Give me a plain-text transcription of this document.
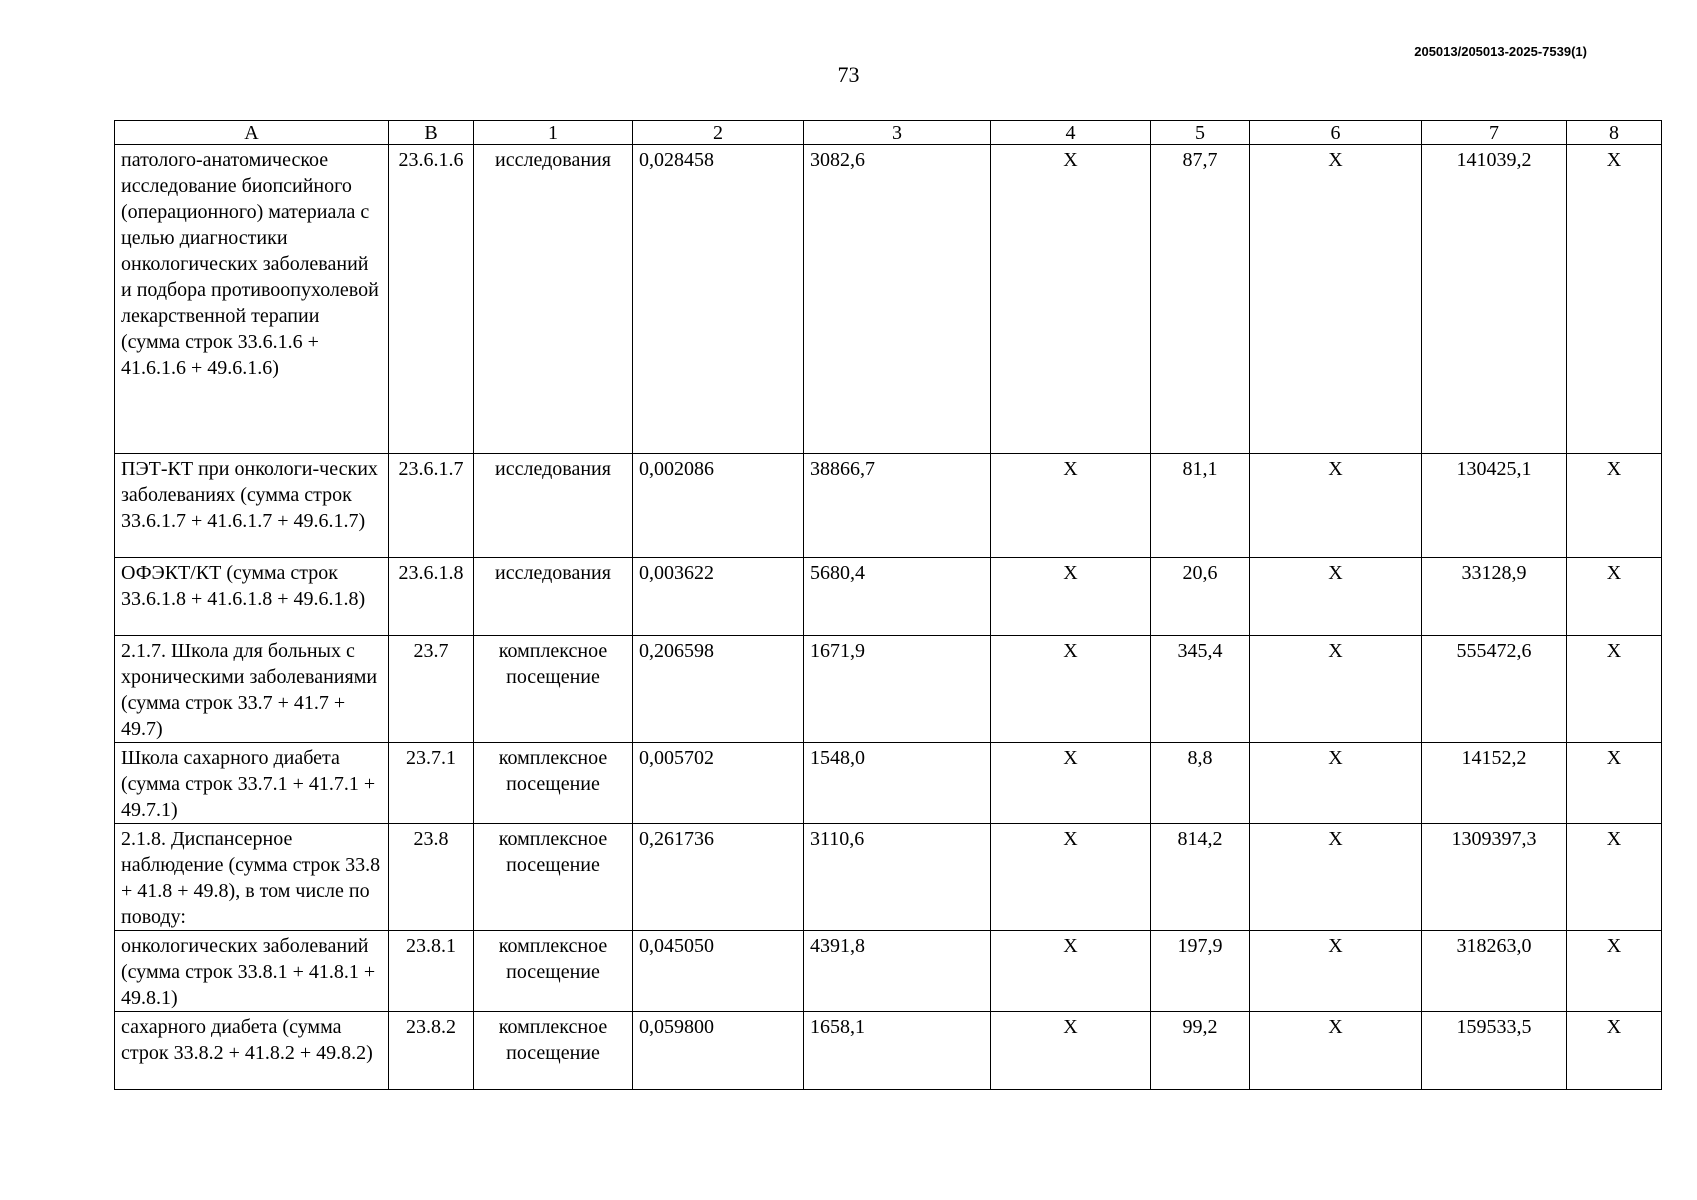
205013/205013-2025-7539(1)
73
A	B	1	2	3	4	5	6	7	8
патолого-анатомическое исследование биопсийного (операционного) материала с целью диагностики онкологических заболеваний и подбора противоопухолевой лекарственной терапии (сумма строк 33.6.1.6 + 41.6.1.6 + 49.6.1.6)	23.6.1.6	исследования	0,028458	3082,6	Х	87,7	Х	141039,2	Х
ПЭТ-КТ при онкологи-ческих заболеваниях (сумма строк 33.6.1.7 + 41.6.1.7 + 49.6.1.7)	23.6.1.7	исследования	0,002086	38866,7	Х	81,1	Х	130425,1	Х
ОФЭКТ/КТ (сумма строк 33.6.1.8 + 41.6.1.8 + 49.6.1.8)	23.6.1.8	исследования	0,003622	5680,4	Х	20,6	Х	33128,9	Х
2.1.7. Школа для больных с хроническими заболеваниями (сумма строк 33.7 + 41.7 + 49.7)	23.7	комплексное посещение	0,206598	1671,9	Х	345,4	Х	555472,6	Х
Школа сахарного диабета (сумма строк 33.7.1 + 41.7.1 + 49.7.1)	23.7.1	комплексное посещение	0,005702	1548,0	Х	8,8	Х	14152,2	Х
2.1.8. Диспансерное наблюдение (сумма строк 33.8 + 41.8 + 49.8), в том числе по поводу:	23.8	комплексное посещение	0,261736	3110,6	Х	814,2	Х	1309397,3	Х
онкологических заболеваний (сумма строк 33.8.1 + 41.8.1 + 49.8.1)	23.8.1	комплексное посещение	0,045050	4391,8	Х	197,9	Х	318263,0	Х
сахарного диабета (сумма строк 33.8.2 + 41.8.2 + 49.8.2)	23.8.2	комплексное посещение	0,059800	1658,1	Х	99,2	Х	159533,5	Х
